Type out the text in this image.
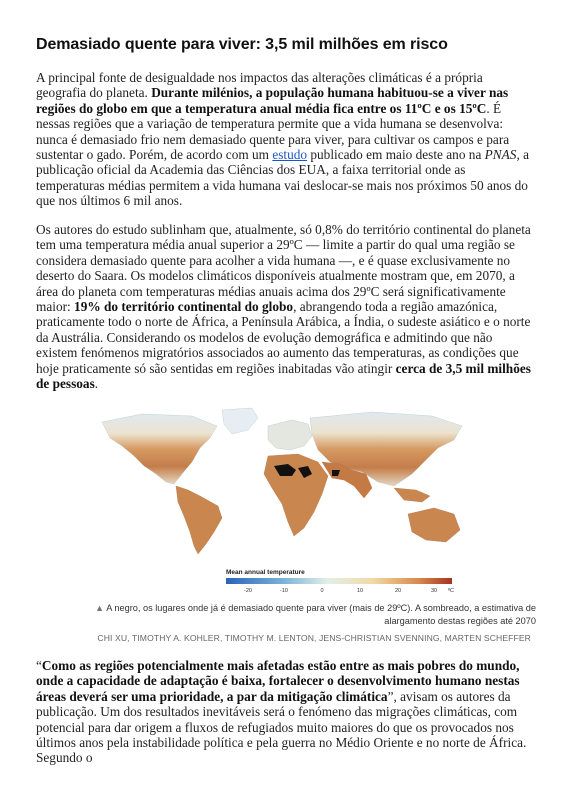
Demasiado quente para viver: 3,5 mil milhões em risco

A principal fonte de desigualdade nos impactos das alterações climáticas é a própria geografia do planeta. Durante milénios, a população humana habituou-se a viver nas regiões do globo em que a temperatura anual média fica entre os 11ºC e os 15ºC. É nessas regiões que a variação de temperatura permite que a vida humana se desenvolva: nunca é demasiado frio nem demasiado quente para viver, para cultivar os campos e para sustentar o gado. Porém, de acordo com um estudo publicado em maio deste ano na PNAS, a publicação oficial da Academia das Ciências dos EUA, a faixa territorial onde as temperaturas médias permitem a vida humana vai deslocar-se mais nos próximos 50 anos do que nos últimos 6 mil anos.

Os autores do estudo sublinham que, atualmente, só 0,8% do território continental do planeta tem uma temperatura média anual superior a 29ºC — limite a partir do qual uma região se considera demasiado quente para acolher a vida humana —, e é quase exclusivamente no deserto do Saara. Os modelos climáticos disponíveis atualmente mostram que, em 2070, a área do planeta com temperaturas médias anuais acima dos 29ºC será significativamente maior: 19% do território continental do globo, abrangendo toda a região amazónica, praticamente todo o norte de África, a Península Arábica, a Índia, o sudeste asiático e o norte da Austrália. Considerando os modelos de evolução demográfica e admitindo que não existem fenómenos migratórios associados ao aumento das temperaturas, as condições que hoje praticamente só são sentidas em regiões inabitadas vão atingir cerca de 3,5 mil milhões de pessoas.

Mean annual temperature
-20	-10	0	10	20	30 ºC

▲ A negro, os lugares onde já é demasiado quente para viver (mais de 29ºC). A sombreado, a estimativa de alargamento destas regiões até 2070

CHI XU, TIMOTHY A. KOHLER, TIMOTHY M. LENTON, JENS-CHRISTIAN SVENNING, MARTEN SCHEFFER

“Como as regiões potencialmente mais afetadas estão entre as mais pobres do mundo, onde a capacidade de adaptação é baixa, fortalecer o desenvolvimento humano nestas áreas deverá ser uma prioridade, a par da mitigação climática”, avisam os autores da publicação. Um dos resultados inevitáveis será o fenómeno das migrações climáticas, com potencial para dar origem a fluxos de refugiados muito maiores do que os provocados nos últimos anos pela instabilidade política e pela guerra no Médio Oriente e no norte de África. Segundo o
